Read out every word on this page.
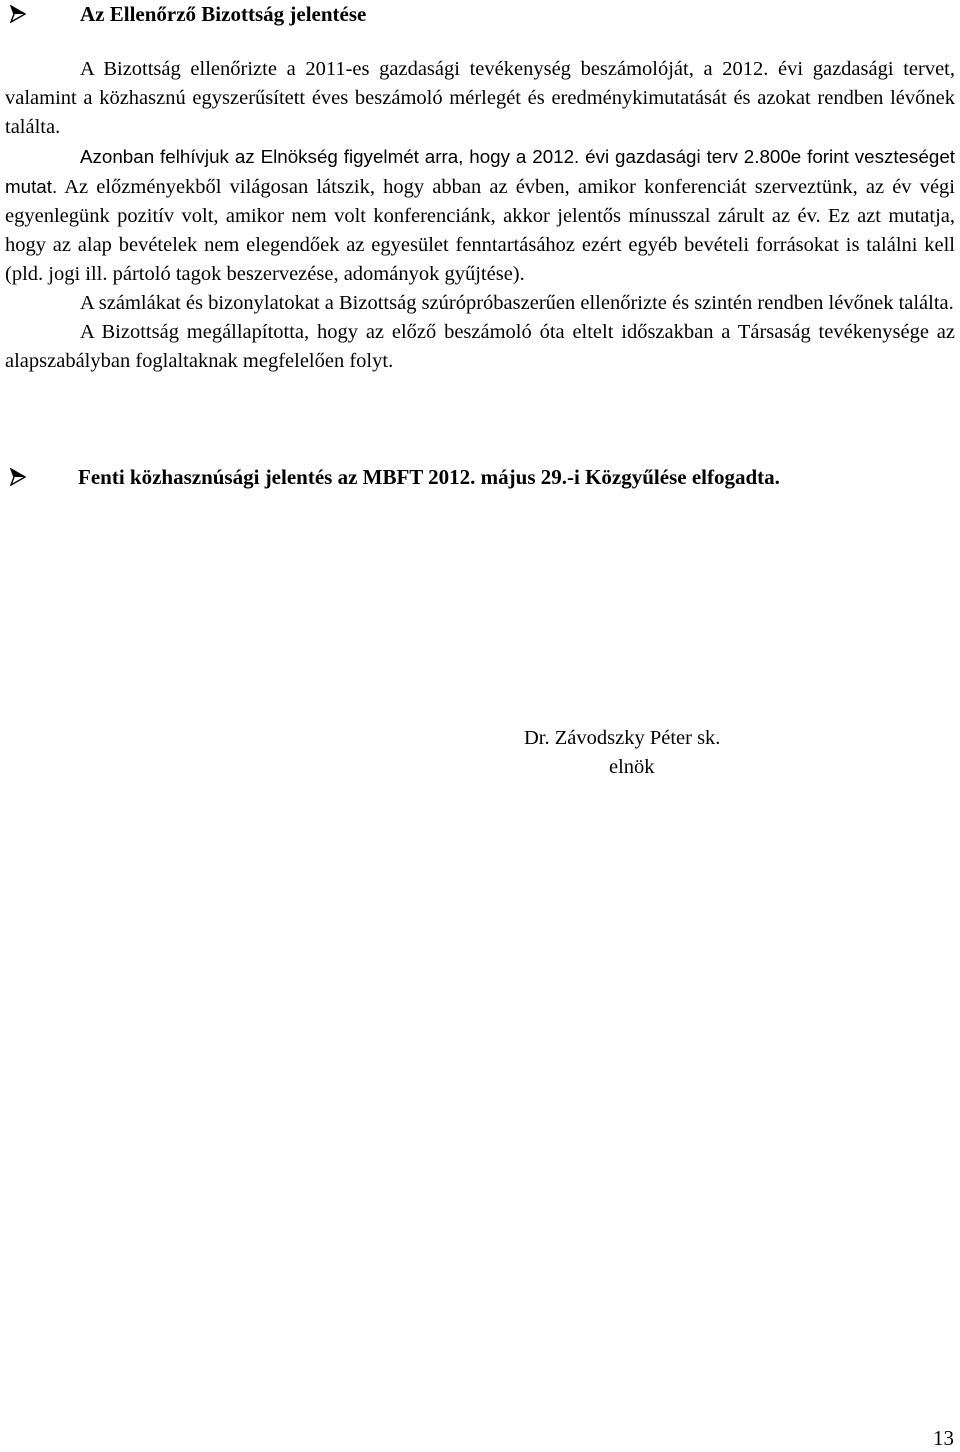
Az Ellenőrző Bizottság jelentése

A Bizottság ellenőrizte a 2011-es gazdasági tevékenység beszámolóját, a 2012. évi gazdasági tervet, valamint a közhasznú egyszerűsített éves beszámoló mérlegét és eredménykimutatását és azokat rendben lévőnek találta.

Azonban felhívjuk az Elnökség figyelmét arra, hogy a 2012. évi gazdasági terv 2.800e forint veszteséget mutat. Az előzményekből világosan látszik, hogy abban az évben, amikor konferenciát szerveztünk, az év végi egyenlegünk pozitív volt, amikor nem volt konferenciánk, akkor jelentős mínusszal zárult az év. Ez azt mutatja, hogy az alap bevételek nem elegendőek az egyesület fenntartásához ezért egyéb bevételi forrásokat is találni kell (pld. jogi ill. pártoló tagok beszervezése, adományok gyűjtése).

A számlákat és bizonylatokat a Bizottság szúrópróbaszerűen ellenőrizte és szintén rendben lévőnek találta.

A Bizottság megállapította, hogy az előző beszámoló óta eltelt időszakban a Társaság tevékenysége az alapszabályban foglaltaknak megfelelően folyt.

Fenti közhasznúsági jelentés az MBFT 2012. május 29.-i Közgyűlése elfogadta.
Dr. Závodszky Péter sk.
elnök
13
